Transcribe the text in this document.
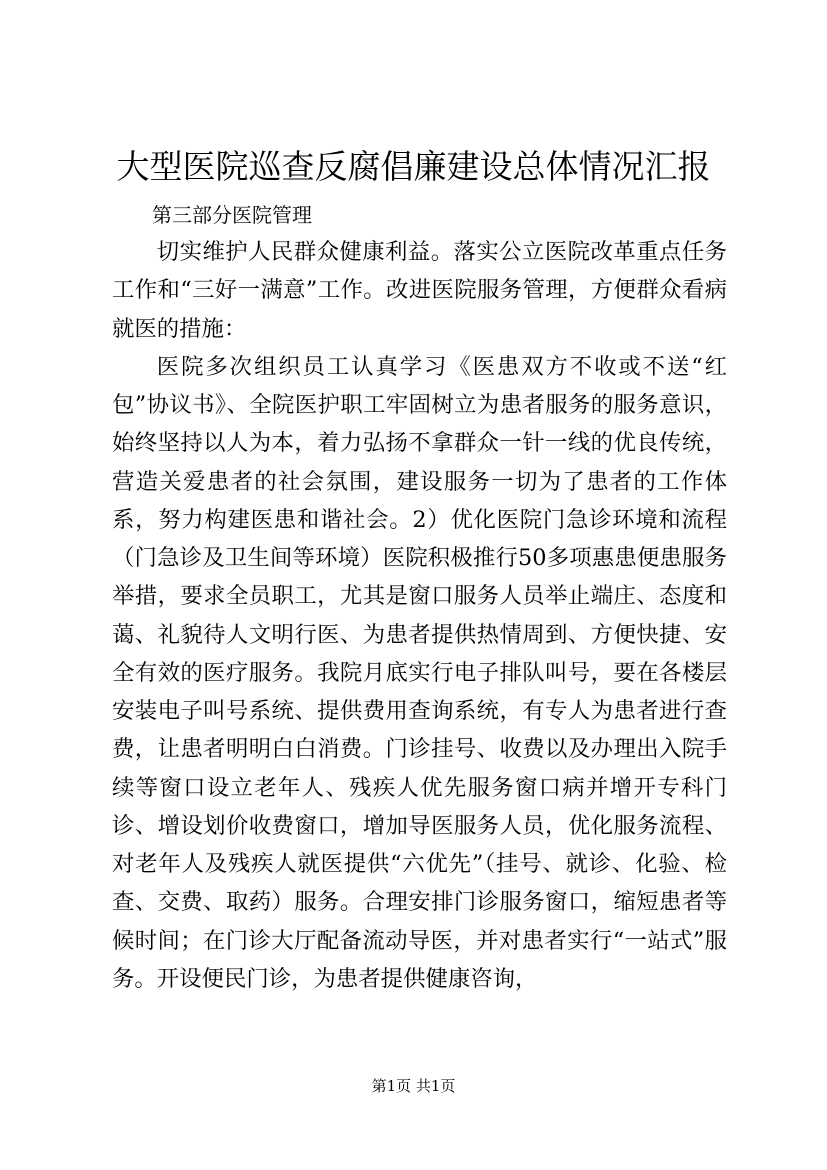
大型医院巡查反腐倡廉建设总体情况汇报

第三部分医院管理

切实维护人民群众健康利益。落实公立医院改革重点任务工作和“三好一满意”工作。改进医院服务管理，方便群众看病就医的措施：

医院多次组织员工认真学习《医患双方不收或不送“红包”协议书》、全院医护职工牢固树立为患者服务的服务意识，始终坚持以人为本，着力弘扬不拿群众一针一线的优良传统，营造关爱患者的社会氛围，建设服务一切为了患者的工作体系，努力构建医患和谐社会。2）优化医院门急诊环境和流程（门急诊及卫生间等环境）医院积极推行50多项惠患便患服务举措，要求全员职工，尤其是窗口服务人员举止端庄、态度和蔼、礼貌待人文明行医、为患者提供热情周到、方便快捷、安全有效的医疗服务。我院月底实行电子排队叫号，要在各楼层安装电子叫号系统、提供费用查询系统，有专人为患者进行查费，让患者明明白白消费。门诊挂号、收费以及办理出入院手续等窗口设立老年人、残疾人优先服务窗口病并增开专科门诊、增设划价收费窗口，增加导医服务人员，优化服务流程、对老年人及残疾人就医提供“六优先”（挂号、就诊、化验、检查、交费、取药）服务。合理安排门诊服务窗口，缩短患者等候时间；在门诊大厅配备流动导医，并对患者实行“一站式”服务。开设便民门诊，为患者提供健康咨询，

第1页 共1页
